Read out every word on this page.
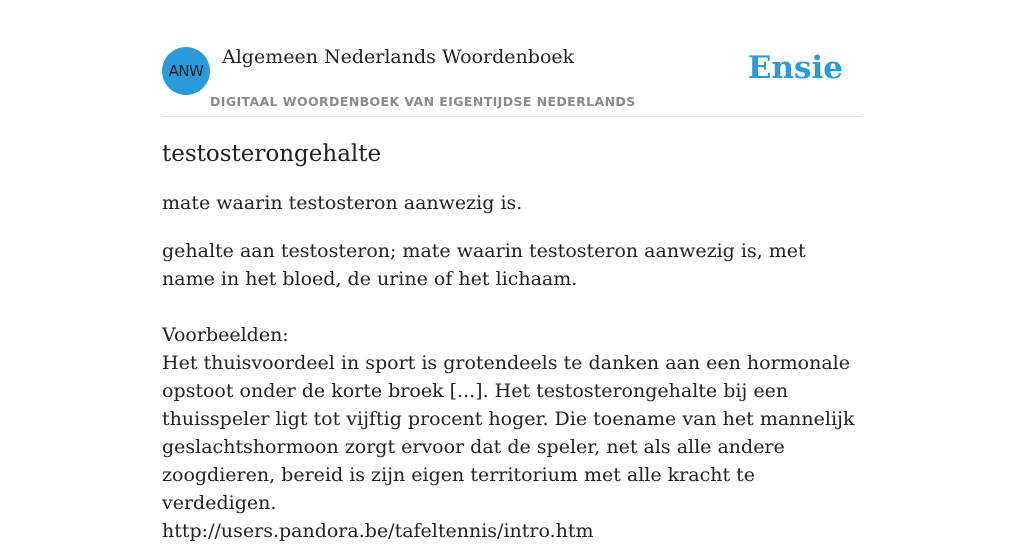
ANW
Algemeen Nederlands Woordenboek
DIGITAAL WOORDENBOEK VAN EIGENTIJDSE NEDERLANDS
Ensie
testosterongehalte

mate waarin testosteron aanwezig is.

gehalte aan testosteron; mate waarin testosteron aanwezig is, met name in het bloed, de urine of het lichaam.

Voorbeelden:

Het thuisvoordeel in sport is grotendeels te danken aan een hormonale opstoot onder de korte broek [...]. Het testosterongehalte bij een thuisspeler ligt tot vijftig procent hoger. Die toename van het mannelijk geslachtshormoon zorgt ervoor dat de speler, net als alle andere zoogdieren, bereid is zijn eigen territorium met alle kracht te verdedigen.

http://users.pandora.be/tafeltennis/intro.htm
